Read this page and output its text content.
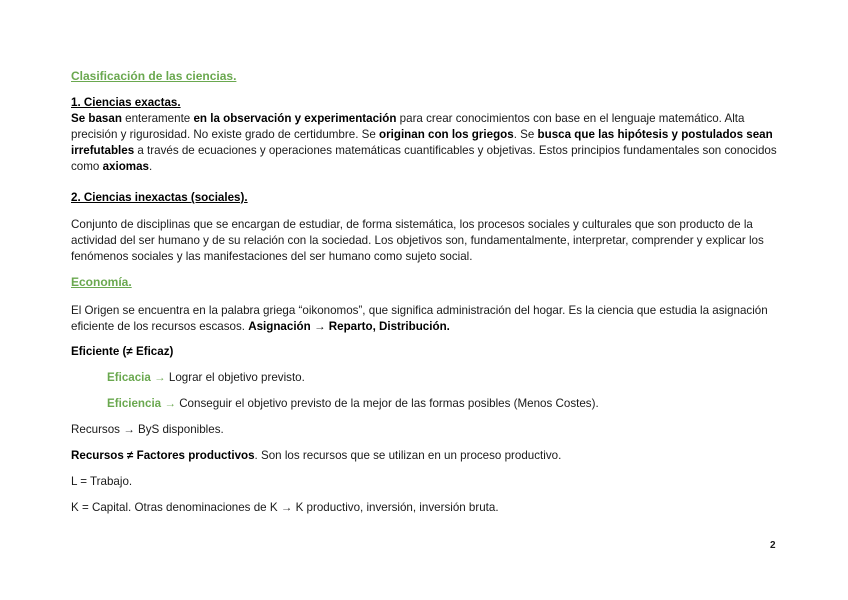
Clasificación de las ciencias.
1. Ciencias exactas.
Se basan enteramente en la observación y experimentación para crear conocimientos con base en el lenguaje matemático. Alta precisión y rigurosidad. No existe grado de certidumbre. Se originan con los griegos. Se busca que las hipótesis y postulados sean irrefutables a través de ecuaciones y operaciones matemáticas cuantificables y objetivas. Estos principios fundamentales son conocidos como axiomas.
2. Ciencias inexactas (sociales).
Conjunto de disciplinas que se encargan de estudiar, de forma sistemática, los procesos sociales y culturales que son producto de la actividad del ser humano y de su relación con la sociedad. Los objetivos son, fundamentalmente, interpretar, comprender y explicar los fenómenos sociales y las manifestaciones del ser humano como sujeto social.
Economía.
El Origen se encuentra en la palabra griega “oikonomos”, que significa administración del hogar. Es la ciencia que estudia la asignación eficiente de los recursos escasos. Asignación → Reparto, Distribución.
Eficiente (≠ Eficaz)
Eficacia → Lograr el objetivo previsto.
Eficiencia → Conseguir el objetivo previsto de la mejor de las formas posibles (Menos Costes).
Recursos → ByS disponibles.
Recursos ≠ Factores productivos. Son los recursos que se utilizan en un proceso productivo.
L = Trabajo.
K = Capital. Otras denominaciones de K → K productivo, inversión, inversión bruta.
2
